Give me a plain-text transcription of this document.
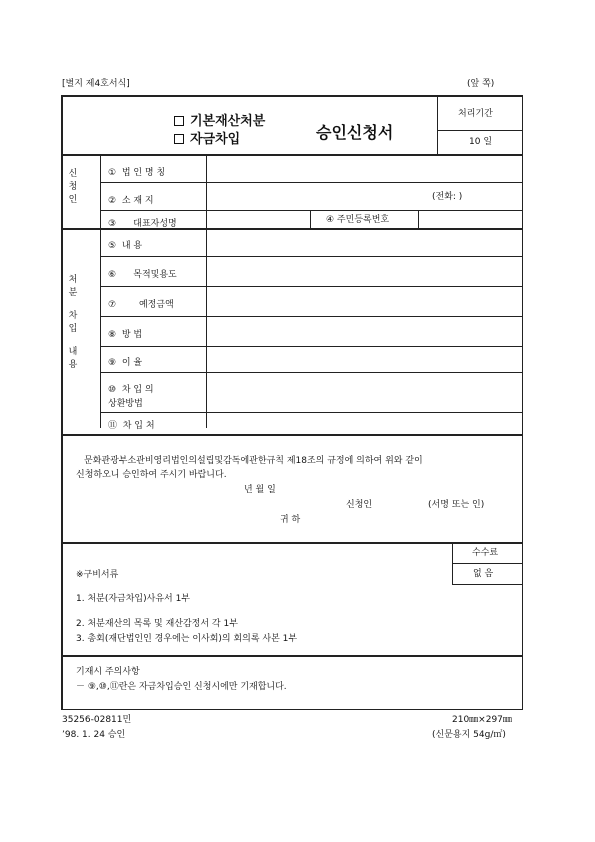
[별지 제4호서식]	(앞 쪽)
기본재산처분
자금차입	승인신청서
처리기간
10 일
신
청
인
① 법 인 명 칭
② 소 재 지	(전화: )
③ 대표자성명	④ 주민등록번호
처
분
차
입
내
용
⑤ 내 용
⑥ 목적및용도
⑦	예정금액
⑧ 방 법
⑨ 이 율
⑩ 차 입 의
상환방법
⑪ 차 입 처
문화관광부소관비영리법인의설립및감독에관한규칙 제18조의 규정에 의하여 위와 같이
신청하오니 승인하여 주시기 바랍니다.
년 월 일
신청인	(서명 또는 인)
귀 하
수수료
없 음
※구비서류
1. 처분(자금차입)사유서 1부
2. 처분재산의 목록 및 재산감정서 각 1부
3. 총회(재단법인인 경우에는 이사회)의 회의록 사본 1부
기재시 주의사항
－ ⑨,⑩,⑪란은 자금차입승인 신청시에만 기재합니다.
35256-02811민
’98. 1. 24 승인
210㎜×297㎜
(신문용지 54g/㎡)
